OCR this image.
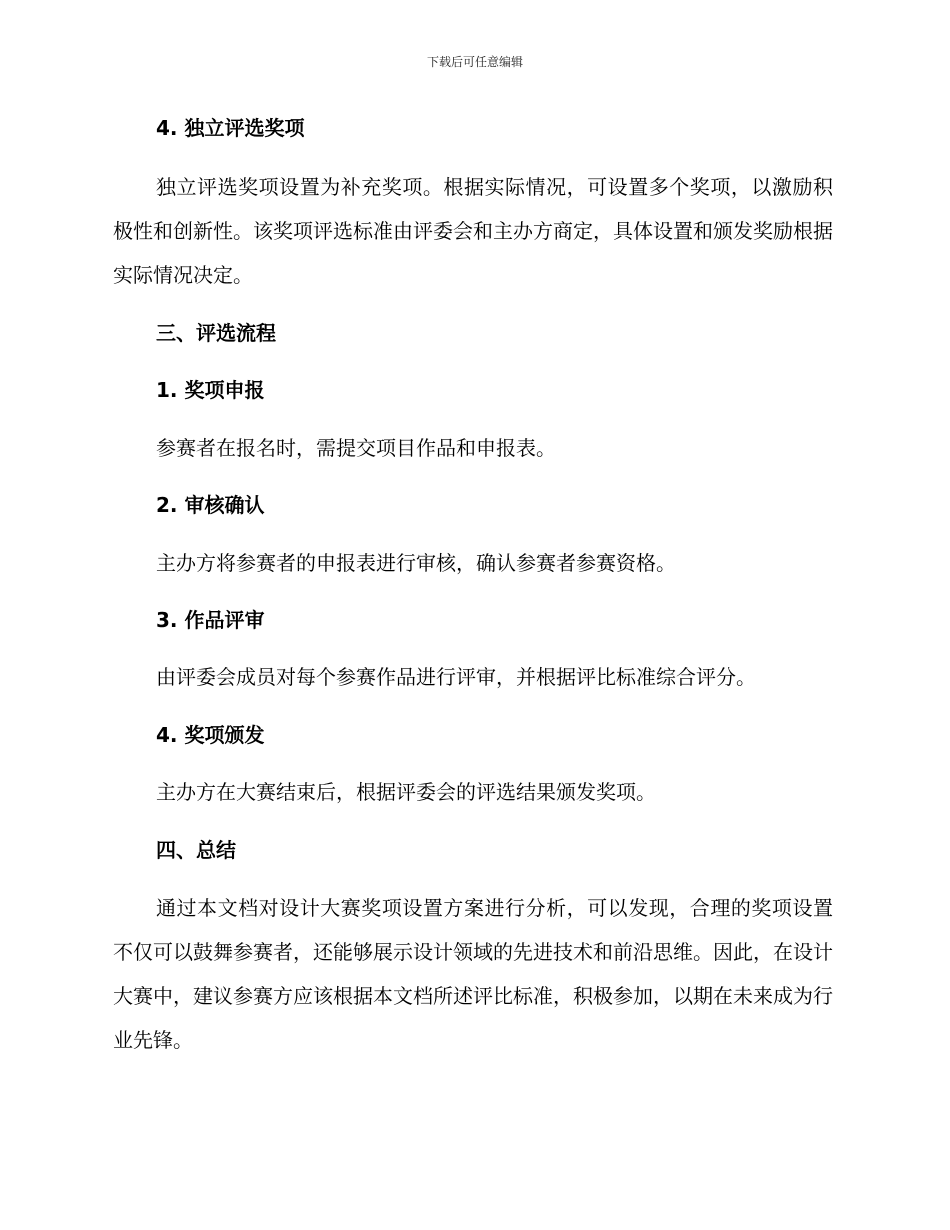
下载后可任意编辑

4. 独立评选奖项

独立评选奖项设置为补充奖项。根据实际情况，可设置多个奖项，以激励积极性和创新性。该奖项评选标准由评委会和主办方商定，具体设置和颁发奖励根据实际情况决定。

三、评选流程

1. 奖项申报

参赛者在报名时，需提交项目作品和申报表。

2. 审核确认

主办方将参赛者的申报表进行审核，确认参赛者参赛资格。

3. 作品评审

由评委会成员对每个参赛作品进行评审，并根据评比标准综合评分。

4. 奖项颁发

主办方在大赛结束后，根据评委会的评选结果颁发奖项。

四、总结

通过本文档对设计大赛奖项设置方案进行分析，可以发现，合理的奖项设置不仅可以鼓舞参赛者，还能够展示设计领域的先进技术和前沿思维。因此，在设计大赛中，建议参赛方应该根据本文档所述评比标准，积极参加，以期在未来成为行业先锋。
